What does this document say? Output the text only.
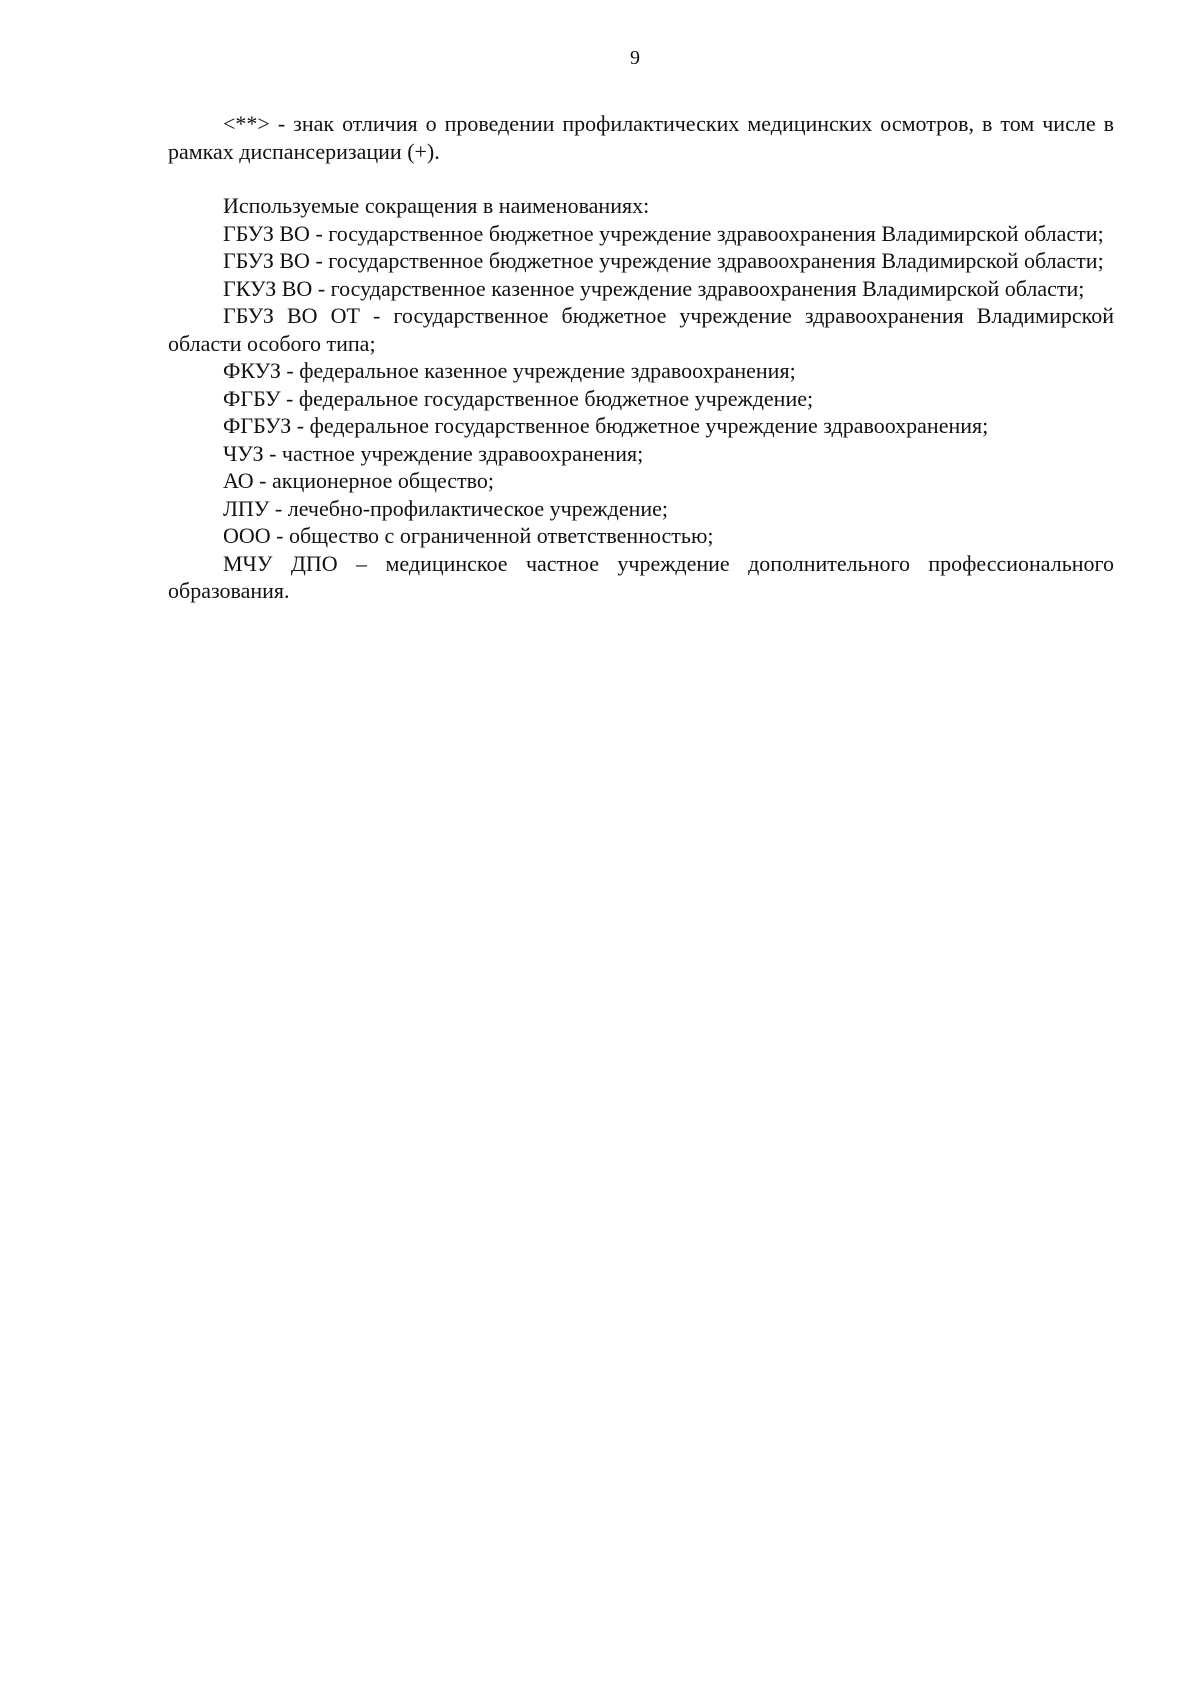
9

<**> - знак отличия о проведении профилактических медицинских осмотров, в том числе в рамках диспансеризации (+).

Используемые сокращения в наименованиях:

ГБУЗ ВО - государственное бюджетное учреждение здравоохранения Владимирской области;

ГБУЗ ВО - государственное бюджетное учреждение здравоохранения Владимирской области;

ГКУЗ ВО - государственное казенное учреждение здравоохранения Владимирской области;

ГБУЗ ВО ОТ - государственное бюджетное учреждение здравоохранения Владимирской области особого типа;

ФКУЗ - федеральное казенное учреждение здравоохранения;

ФГБУ - федеральное государственное бюджетное учреждение;

ФГБУЗ - федеральное государственное бюджетное учреждение здравоохранения;

ЧУЗ - частное учреждение здравоохранения;

АО - акционерное общество;

ЛПУ - лечебно-профилактическое учреждение;

ООО - общество с ограниченной ответственностью;

МЧУ ДПО – медицинское частное учреждение дополнительного профессионального образования.
